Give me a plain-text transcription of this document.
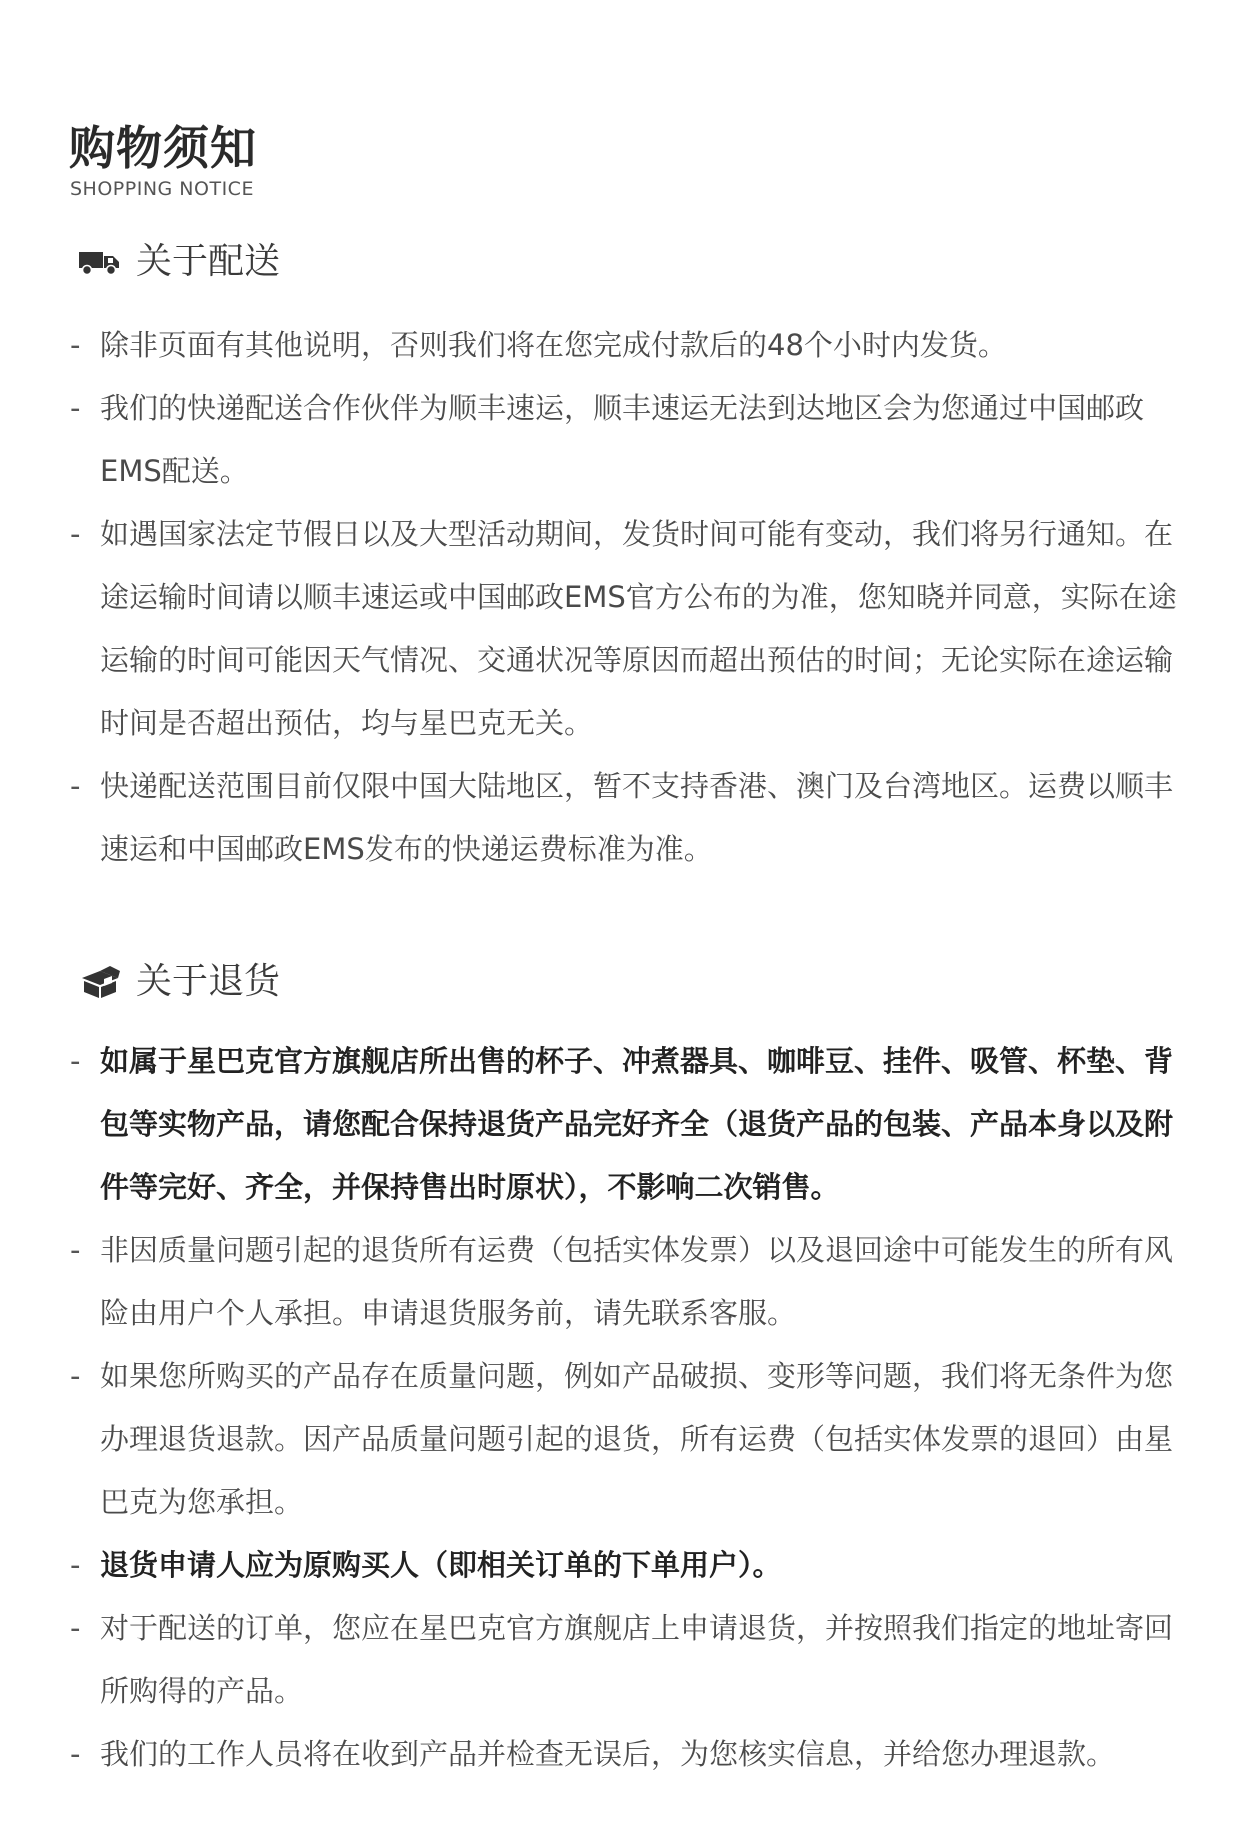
购物须知
SHOPPING NOTICE
关于配送
- 除非页面有其他说明，否则我们将在您完成付款后的48个小时内发货。
- 我们的快递配送合作伙伴为顺丰速运，顺丰速运无法到达地区会为您通过中国邮政EMS配送。
- 如遇国家法定节假日以及大型活动期间，发货时间可能有变动，我们将另行通知。在途运输时间请以顺丰速运或中国邮政EMS官方公布的为准，您知晓并同意，实际在途运输的时间可能因天气情况、交通状况等原因而超出预估的时间；无论实际在途运输时间是否超出预估，均与星巴克无关。
- 快递配送范围目前仅限中国大陆地区，暂不支持香港、澳门及台湾地区。运费以顺丰速运和中国邮政EMS发布的快递运费标准为准。
关于退货
- 如属于星巴克官方旗舰店所出售的杯子、冲煮器具、咖啡豆、挂件、吸管、杯垫、背包等实物产品，请您配合保持退货产品完好齐全（退货产品的包装、产品本身以及附件等完好、齐全，并保持售出时原状），不影响二次销售。
- 非因质量问题引起的退货所有运费（包括实体发票）以及退回途中可能发生的所有风险由用户个人承担。申请退货服务前，请先联系客服。
- 如果您所购买的产品存在质量问题，例如产品破损、变形等问题，我们将无条件为您办理退货退款。因产品质量问题引起的退货，所有运费（包括实体发票的退回）由星巴克为您承担。
- 退货申请人应为原购买人（即相关订单的下单用户）。
- 对于配送的订单，您应在星巴克官方旗舰店上申请退货，并按照我们指定的地址寄回所购得的产品。
- 我们的工作人员将在收到产品并检查无误后，为您核实信息，并给您办理退款。
